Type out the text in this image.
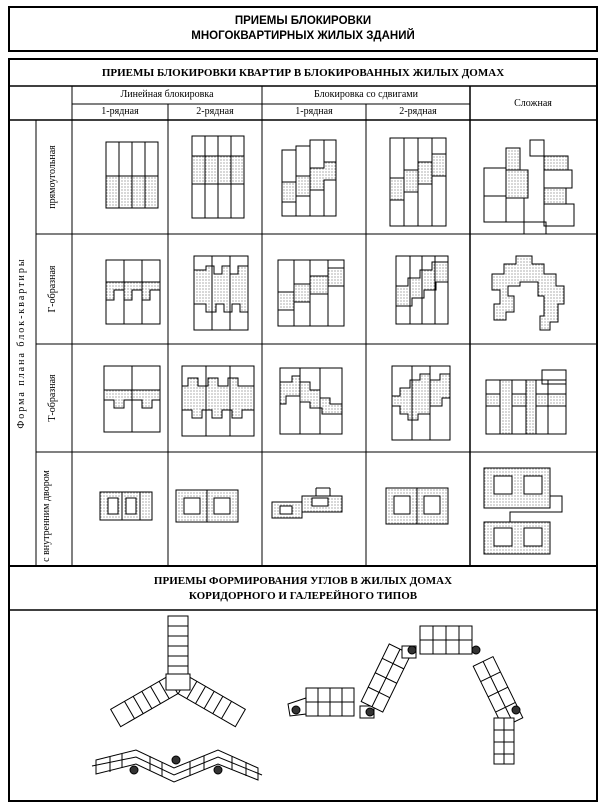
ПРИЕМЫ БЛОКИРОВКИ
МНОГОКВАРТИРНЫХ ЖИЛЫХ ЗДАНИЙ
ПРИЕМЫ БЛОКИРОВКИ КВАРТИР В БЛОКИРОВАННЫХ ЖИЛЫХ ДОМАХ
Линейная блокировка	Блокировка со сдвигами
1-рядная	2-рядная	1-рядная	2-рядная
Сложная
Форма плана блок-квартиры
прямоугольная
Г-образная
Т-образная
с внутренним двором
ПРИЕМЫ ФОРМИРОВАНИЯ УГЛОВ В ЖИЛЫХ ДОМАХ
КОРИДОРНОГО И ГАЛЕРЕЙНОГО ТИПОВ
